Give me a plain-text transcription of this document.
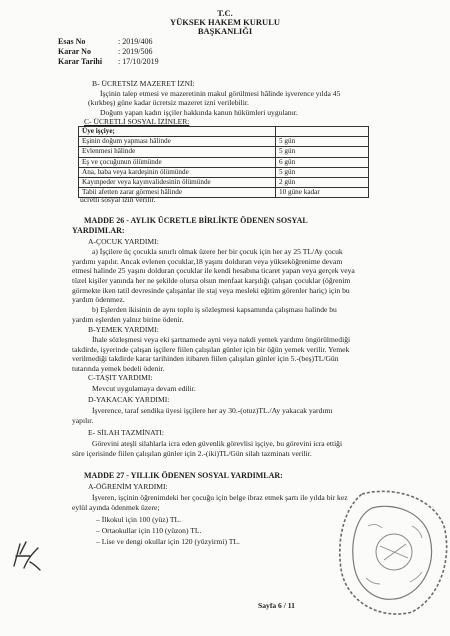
T.C.
YÜKSEK HAKEM KURULU
BAŞKANLIĞI
Esas No	: 2019/406
Karar No	: 2019/506
Karar Tarihi	: 17/10/2019
B- ÜCRETSİZ MAZERET İZNİ:
İşçinin talep etmesi ve mazeretinin makul görülmesi hâlinde işverence yılda 45
(kırkbeş) güne kadar ücretsiz mazeret izni verilebilir.
Doğum yapan kadın işçiler hakkında kanun hükümleri uygulanır.
C- ÜCRETLİ SOSYAL İZİNLER:
Üye işçiye;	
Eşinin doğum yapması hâlinde	5 gün
Evlenmesi hâlinde	5 gün
Eş ve çocuğunun ölümünde	6 gün
Ana, baba veya kardeşinin ölümünde	5 gün
Kayınpeder veya kayınvalidesinin ölümünde	2 gün
Tabii afetten zarar görmesi hâlinde	10 güne kadar
ücretli sosyal izin verilir.
MADDE 26 - AYLIK ÜCRETLE BİRLİKTE ÖDENEN SOSYAL
YARDIMLAR:
A-ÇOCUK YARDIMI:
a) İşçilere üç çocukla sınırlı olmak üzere her bir çocuk için her ay 25 TL/Ay çocuk
yardımı yapılır. Ancak evlenen çocuklar,18 yaşını dolduran veya yükseköğrenime devam
etmesi halinde 25 yaşını dolduran çocuklar ile kendi hesabına ticaret yapan veya gerçek veya
tüzel kişiler yanında her ne şekilde olursa olsun menfaat karşılığı çalışan çocuklar (öğrenim
görmekte iken tatil devresinde çalışanlar ile staj veya mesleki eğitim görenler hariç) için bu
yardım ödenmez.
b) Eşlerden ikisinin de aynı toplu iş sözleşmesi kapsamında çalışması halinde bu
yardım eşlerden yalnız birine ödenir.
B-YEMEK YARDIMI:
İhale sözleşmesi veya eki şartnamede ayni veya nakdi yemek yardımı öngörülmediği
takdirde, işyerinde çalışan işçilere fiilen çalışılan günler için bir öğün yemek verilir. Yemek
verilmediği takdirde karar tarihinden itibaren fiilen çalışılan günler için 5.-(beş)TL/Gün
tutarında yemek bedeli ödenir.
C-TAŞIT YARDIMI:
Mevcut uygulamaya devam edilir.
D-YAKACAK YARDIMI:
İşverence, taraf sendika üyesi işçilere her ay 30.-(otuz)TL./Ay yakacak yardımı
yapılır.
E- SİLAH TAZMİNATI:
Görevini ateşli silahlarla icra eden güvenlik görevlisi işçiye, bu görevini icra ettiği
süre içerisinde fiilen çalışılan günler için 2.-(iki)TL/Gün silah tazminatı verilir.
MADDE 27 - YILLIK ÖDENEN SOSYAL YARDIMLAR:
A-ÖĞRENİM YARDIMI:
İşveren, işçinin öğrenimdeki her çocuğu için belge ibraz etmek şartı ile yılda bir kez
eylül ayında ödenmek üzere;
– İlkokul için 100 (yüz) TL.
– Ortaokullar için 110 (yüzon) TL.
– Lise ve dengi okullar için 120 (yüzyirmi) TL.
Sayfa 6 / 11
